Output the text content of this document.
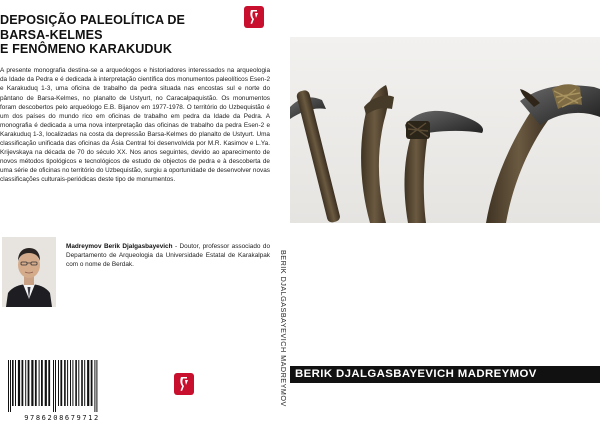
DEPOSIÇÃO PALEOLÍTICA DE
BARSA-KELMES
E FENÔMENO KARAKUDUK

A presente monografia destina-se a arqueólogos e historiadores interessados na arqueologia da Idade da Pedra e é dedicada à interpretação científica dos monumentos paleolíticos Esen-2 e Karakuduq 1-3, uma oficina de trabalho da pedra situada nas encostas sul e norte do pântano de Barsa-Kelmes, no planalto de Ustyurt, no Caracalpaquistão. Os monumentos foram descobertos pelo arqueólogo E.B. Bijanov em 1977-1978. O território do Uzbequistão é um dos países do mundo rico em oficinas de trabalho em pedra da Idade da Pedra. A monografia é dedicada a uma nova interpretação das oficinas de trabalho da pedra Esen-2 e Karakuduq 1-3, localizadas na costa da depressão Barsa-Kelmes do planalto de Ustyurt. Uma classificação unificada das oficinas da Ásia Central foi desenvolvida por M.R. Kasimov e L.Ya. Krijevskaya na década de 70 do século XX. Nos anos seguintes, devido ao aparecimento de novos métodos tipológicos e tecnológicos de estudo de objectos de pedra e à descoberta de uma série de oficinas no território do Uzbequistão, surgiu a oportunidade de desenvolver novas classificações culturais-periódicas deste tipo de monumentos.

Madreymov Berik Djalgasbayevich - Doutor, professor associado do Departamento de Arqueologia da Universidade Estatal de Karakalpak com o nome de Berdak.

9786208679712
BERIK DJALGASBAYEVICH MADREYMOV BERIK DJALGASBAYEVICH MADREYMOV
